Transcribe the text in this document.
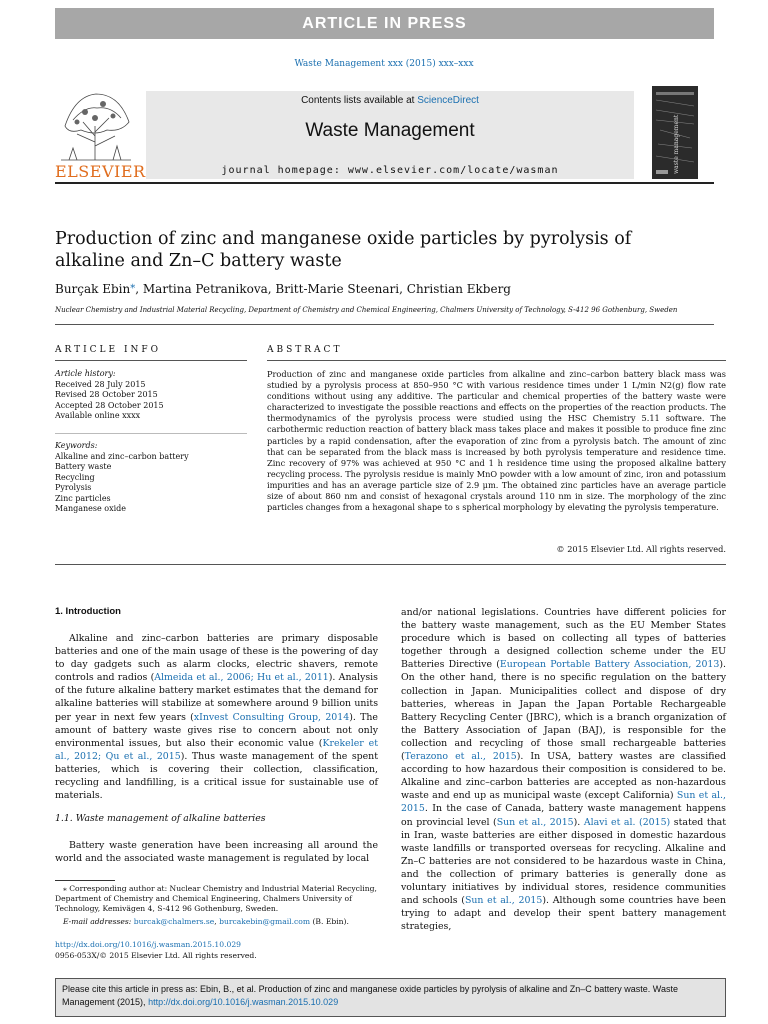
ARTICLE IN PRESS
Waste Management xxx (2015) xxx–xxx
ELSEVIER
Contents lists available at ScienceDirect
Waste Management
journal homepage: www.elsevier.com/locate/wasman	waste management
Production of zinc and manganese oxide particles by pyrolysis of alkaline and Zn–C battery waste
Burçak Ebin⁎, Martina Petranikova, Britt-Marie Steenari, Christian Ekberg
Nuclear Chemistry and Industrial Material Recycling, Department of Chemistry and Chemical Engineering, Chalmers University of Technology, S-412 96 Gothenburg, Sweden
ARTICLE INFO
Article history:
Received 28 July 2015
Revised 28 October 2015
Accepted 28 October 2015
Available online xxxx
Keywords:
Alkaline and zinc–carbon battery
Battery waste
Recycling
Pyrolysis
Zinc particles
Manganese oxide
ABSTRACT
Production of zinc and manganese oxide particles from alkaline and zinc–carbon battery black mass was studied by a pyrolysis process at 850–950 °C with various residence times under 1 L/min N2(g) flow rate conditions without using any additive. The particular and chemical properties of the battery waste were characterized to investigate the possible reactions and effects on the properties of the reaction products. The thermodynamics of the pyrolysis process were studied using the HSC Chemistry 5.11 software. The carbothermic reduction reaction of battery black mass takes place and makes it possible to produce fine zinc particles by a rapid condensation, after the evaporation of zinc from a pyrolysis batch. The amount of zinc that can be separated from the black mass is increased by both pyrolysis temperature and residence time. Zinc recovery of 97% was achieved at 950 °C and 1 h residence time using the proposed alkaline battery recycling process. The pyrolysis residue is mainly MnO powder with a low amount of zinc, iron and potassium impurities and has an average particle size of 2.9 μm. The obtained zinc particles have an average particle size of about 860 nm and consist of hexagonal crystals around 110 nm in size. The morphology of the zinc particles changes from a hexagonal shape to s spherical morphology by elevating the pyrolysis temperature.
© 2015 Elsevier Ltd. All rights reserved.
1. Introduction

Alkaline and zinc–carbon batteries are primary disposable batteries and one of the main usage of these is the powering of day to day gadgets such as alarm clocks, electric shavers, remote controls and radios (Almeida et al., 2006; Hu et al., 2011). Analysis of the future alkaline battery market estimates that the demand for alkaline batteries will stabilize at somewhere around 9 billion units per year in next few years (xInvest Consulting Group, 2014). The amount of battery waste gives rise to concern about not only environmental issues, but also their economic value (Krekeler et al., 2012; Qu et al., 2015). Thus waste management of the spent batteries, which is covering their collection, classification, recycling and landfilling, is a critical issue for sustainable use of materials.

1.1. Waste management of alkaline batteries

Battery waste generation have been increasing all around the world and the associated waste management is regulated by local

⁎ Corresponding author at: Nuclear Chemistry and Industrial Material Recycling, Department of Chemistry and Chemical Engineering, Chalmers University of Technology, Kemivägen 4, S-412 96 Gothenburg, Sweden.

E-mail addresses: burcak@chalmers.se, burcakebin@gmail.com (B. Ebin).

http://dx.doi.org/10.1016/j.wasman.2015.10.029
0956-053X/© 2015 Elsevier Ltd. All rights reserved.

and/or national legislations. Countries have different policies for the battery waste management, such as the EU Member States procedure which is based on collecting all types of batteries together through a designed collection scheme under the EU Batteries Directive (European Portable Battery Association, 2013). On the other hand, there is no specific regulation on the battery collection in Japan. Municipalities collect and dispose of dry batteries, whereas in Japan the Japan Portable Rechargeable Battery Recycling Center (JBRC), which is a branch organization of the Battery Association of Japan (BAJ), is responsible for the collection and recycling of those small rechargeable batteries (Terazono et al., 2015). In USA, battery wastes are classified according to how hazardous their composition is considered to be. Alkaline and zinc–carbon batteries are accepted as non-hazardous waste and end up as municipal waste (except California) Sun et al., 2015. In the case of Canada, battery waste management happens on provincial level (Sun et al., 2015). Alavi et al. (2015) stated that in Iran, waste batteries are either disposed in domestic hazardous waste landfills or transported overseas for recycling. Alkaline and Zn–C batteries are not considered to be hazardous waste in China, and the collection of primary batteries is generally done as voluntary initiatives by individual stores, residence communities and schools (Sun et al., 2015). Although some countries have been trying to adapt and develop their spent battery management strategies,

Please cite this article in press as: Ebin, B., et al. Production of zinc and manganese oxide particles by pyrolysis of alkaline and Zn–C battery waste. Waste Management (2015), http://dx.doi.org/10.1016/j.wasman.2015.10.029
